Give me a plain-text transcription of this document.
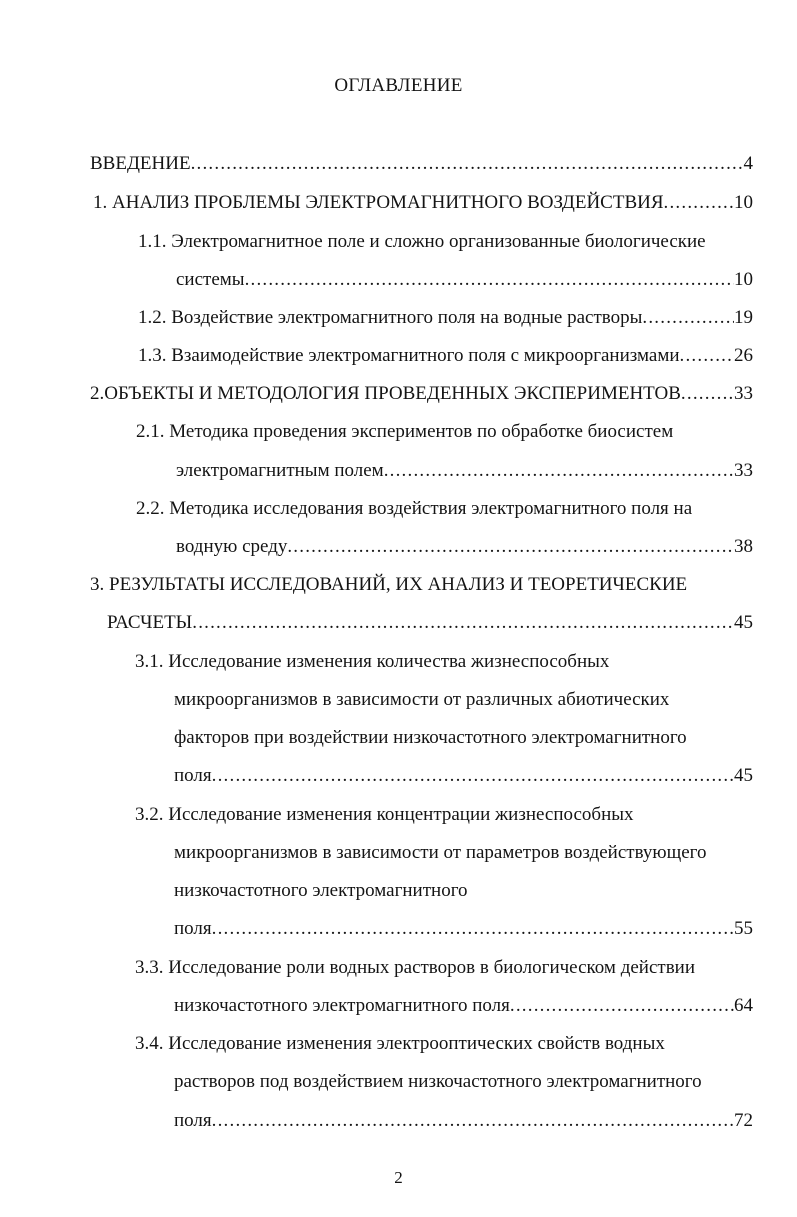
ОГЛАВЛЕНИЕ
ВВЕДЕНИЕ .....	4
1. АНАЛИЗ ПРОБЛЕМЫ ЭЛЕКТРОМАГНИТНОГО ВОЗДЕЙСТВИЯ .....	10
1.1. Электромагнитное поле и сложно организованные биологические
системы .....	10
1.2. Воздействие электромагнитного поля на водные растворы .....	19
1.3. Взаимодействие электромагнитного поля с микроорганизмами .....	26
2.ОБЪЕКТЫ И МЕТОДОЛОГИЯ ПРОВЕДЕННЫХ ЭКСПЕРИМЕНТОВ .....	33
2.1. Методика проведения экспериментов по обработке биосистем
электромагнитным полем .....	33
2.2. Методика исследования воздействия электромагнитного поля на
водную среду .....	38
3. РЕЗУЛЬТАТЫ ИССЛЕДОВАНИЙ, ИХ АНАЛИЗ И ТЕОРЕТИЧЕСКИЕ
РАСЧЕТЫ .....	45
3.1. Исследование изменения количества жизнеспособных
микроорганизмов в зависимости от различных абиотических
факторов при воздействии низкочастотного электромагнитного
поля .....	45
3.2. Исследование изменения концентрации жизнеспособных
микроорганизмов в зависимости от параметров воздействующего
низкочастотного электромагнитного
поля .....	55
3.3. Исследование роли водных растворов в биологическом действии
низкочастотного электромагнитного поля .....	64
3.4. Исследование изменения электрооптических свойств водных
растворов под воздействием низкочастотного электромагнитного
поля .....	72
2
